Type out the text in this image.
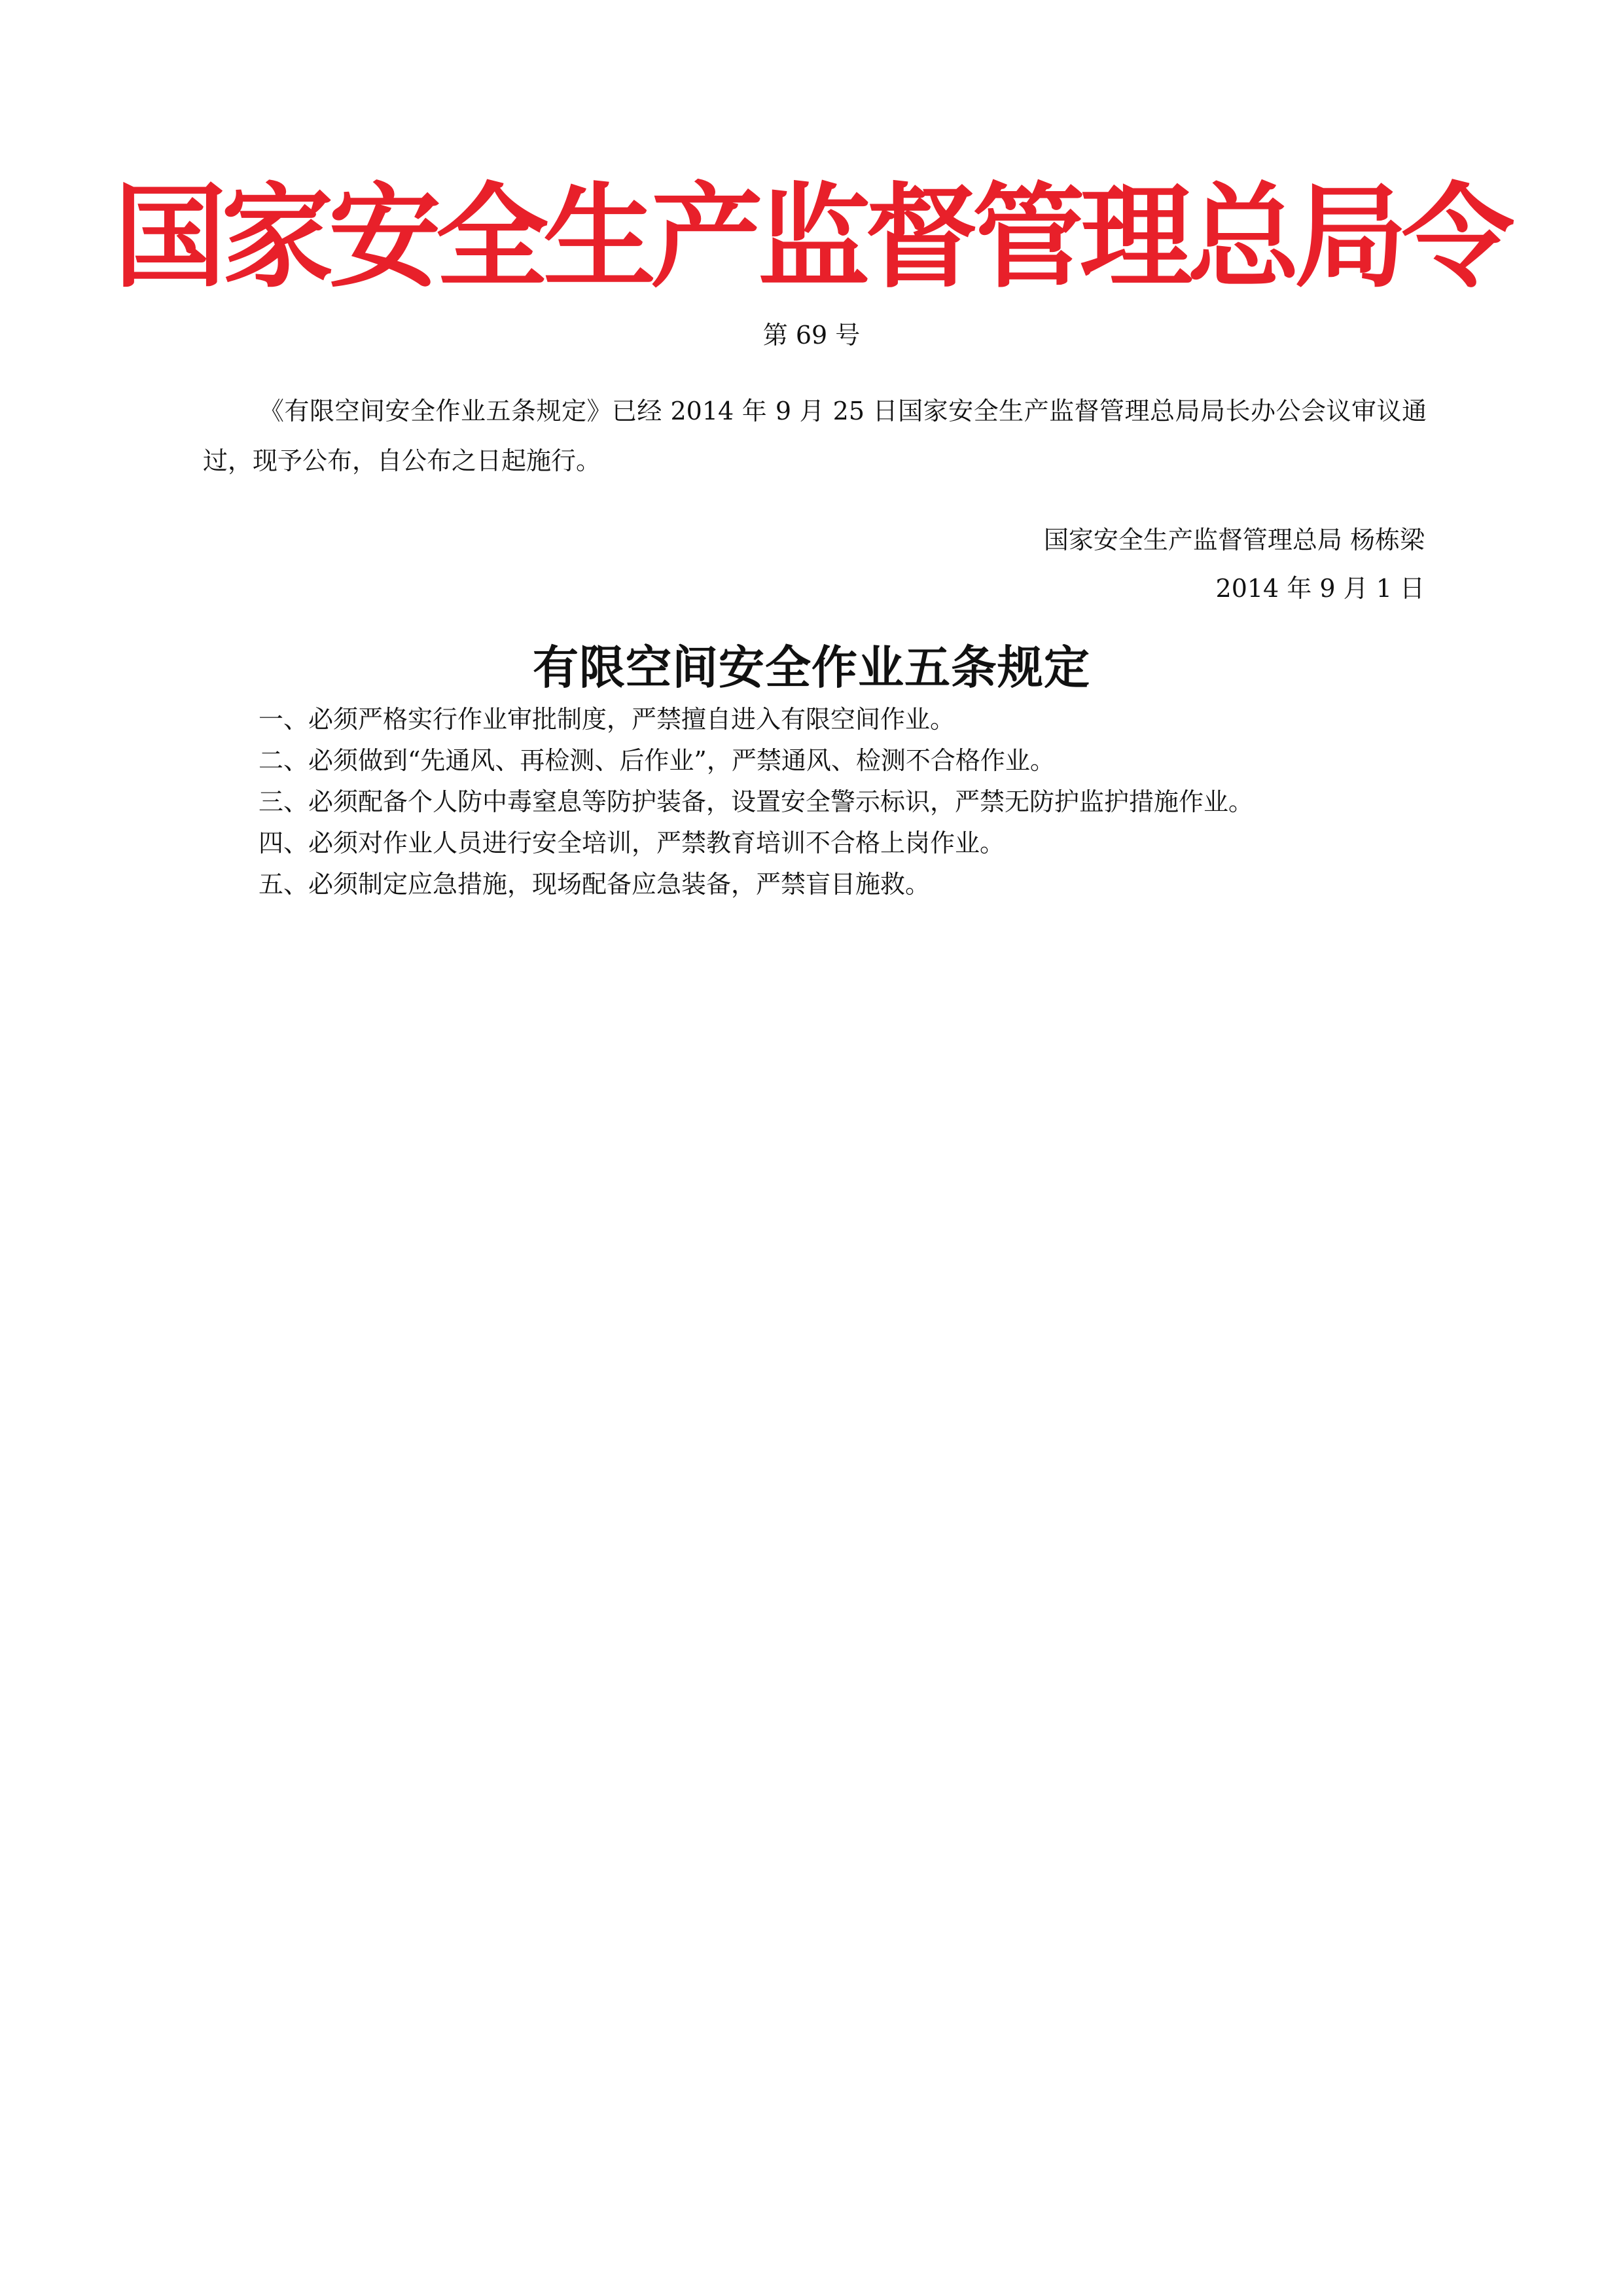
国家安全生产监督管理总局令
第 69 号

《有限空间安全作业五条规定》已经 2014 年 9 月 25 日国家安全生产监督管理总局局长办公会议审议通过，现予公布，自公布之日起施行。

国家安全生产监督管理总局 杨栋梁
2014 年 9 月 1 日
有限空间安全作业五条规定
一、必须严格实行作业审批制度，严禁擅自进入有限空间作业。
二、必须做到“先通风、再检测、后作业”，严禁通风、检测不合格作业。
三、必须配备个人防中毒窒息等防护装备，设置安全警示标识，严禁无防护监护措施作业。
四、必须对作业人员进行安全培训，严禁教育培训不合格上岗作业。
五、必须制定应急措施，现场配备应急装备，严禁盲目施救。
